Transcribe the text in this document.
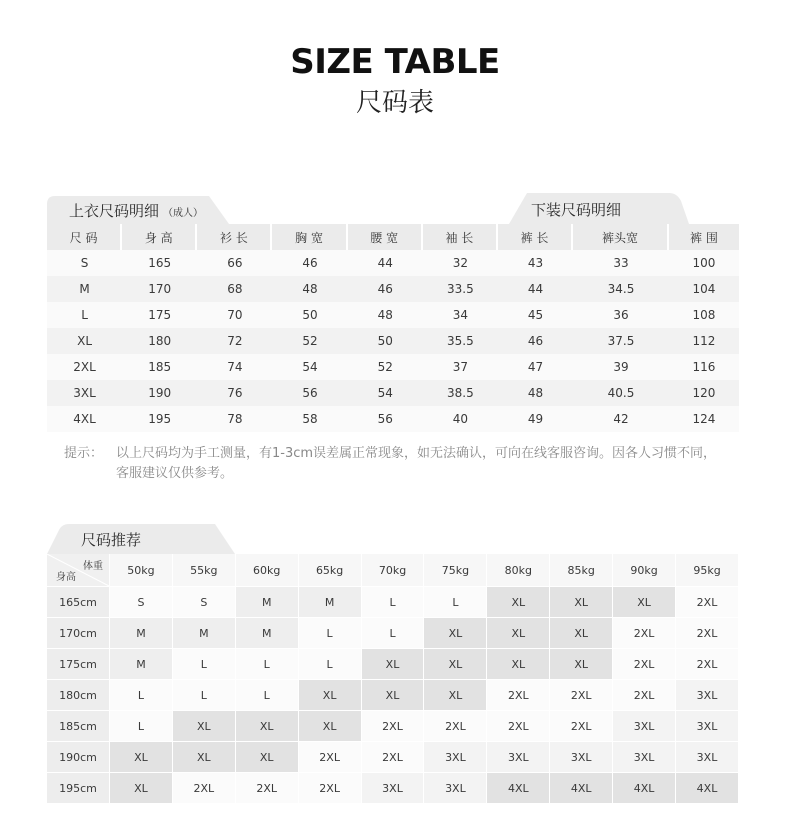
SIZE TABLE
尺码表
上衣尺码明细 （成人）	下装尺码明细
尺 码	身 高	衫 长	胸 宽	腰 宽	袖 长	裤 长	裤头宽	裤 围
S	165	66	46	44	32	43	33	100
M	170	68	48	46	33.5	44	34.5	104
L	175	70	50	48	34	45	36	108
XL	180	72	52	50	35.5	46	37.5	112
2XL	185	74	54	52	37	47	39	116
3XL	190	76	56	54	38.5	48	40.5	120
4XL	195	78	58	56	40	49	42	124
提示： 以上尺码均为手工测量，有1-3cm误差属正常现象，如无法确认，可向在线客服咨询。因各人习惯不同，客服建议仅供参考。
尺码推荐
体重
身高	50kg	55kg	60kg	65kg	70kg	75kg	80kg	85kg	90kg	95kg
165cm	S	S	M	M	L	L	XL	XL	XL	2XL
170cm	M	M	M	L	L	XL	XL	XL	2XL	2XL
175cm	M	L	L	L	XL	XL	XL	XL	2XL	2XL
180cm	L	L	L	XL	XL	XL	2XL	2XL	2XL	3XL
185cm	L	XL	XL	XL	2XL	2XL	2XL	2XL	3XL	3XL
190cm	XL	XL	XL	2XL	2XL	3XL	3XL	3XL	3XL	3XL
195cm	XL	2XL	2XL	2XL	3XL	3XL	4XL	4XL	4XL	4XL
